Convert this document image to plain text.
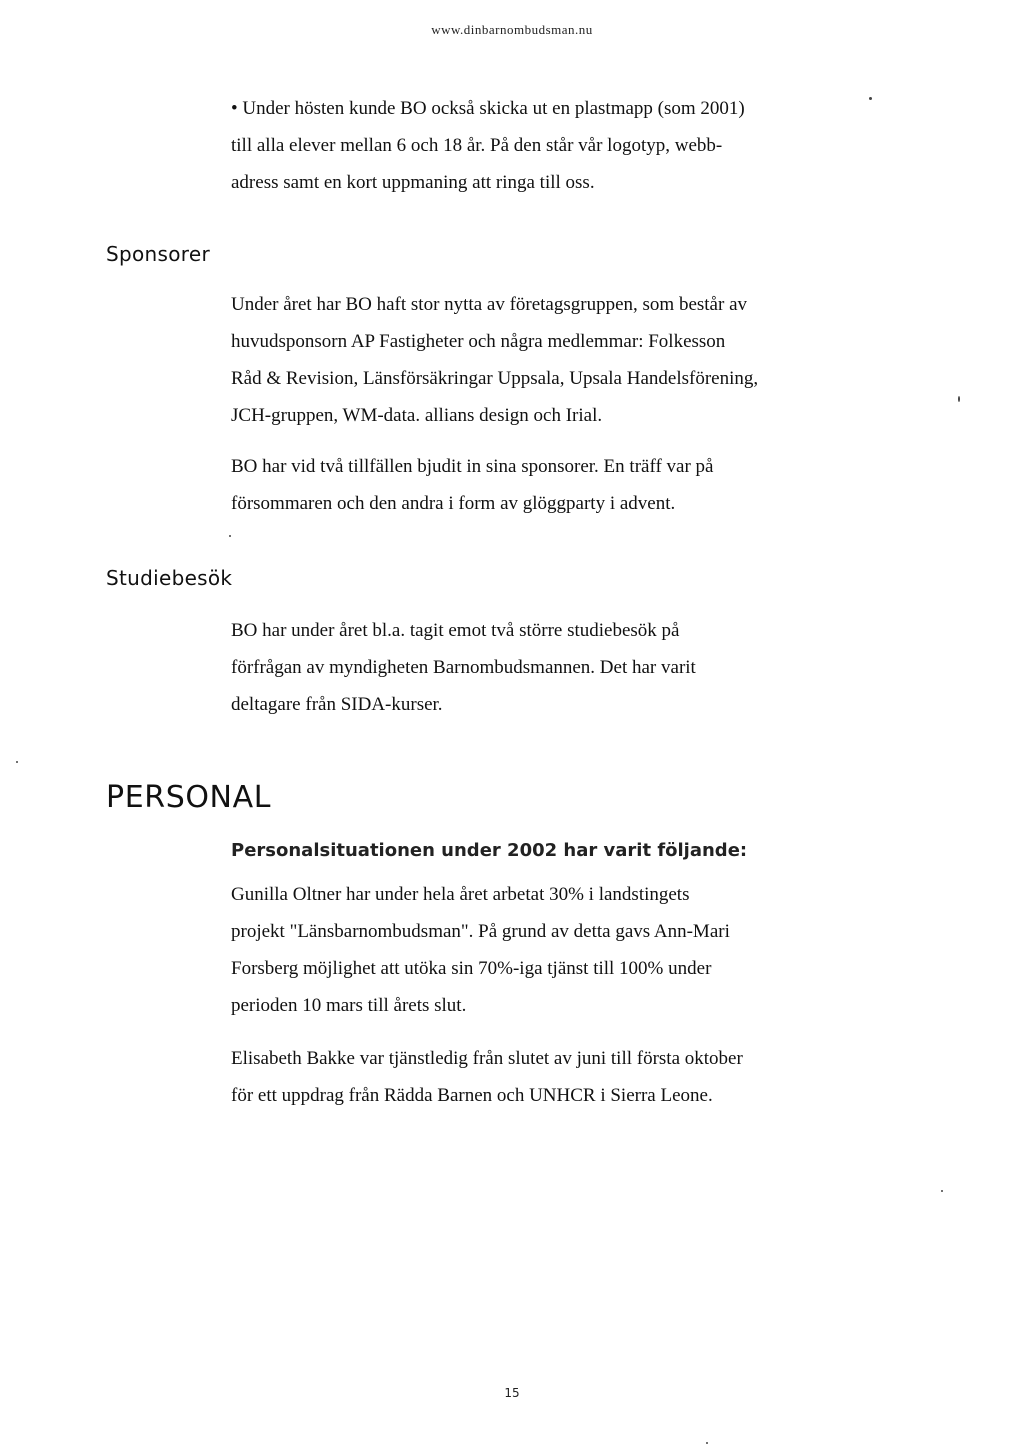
www.dinbarnombudsman.nu
• Under hösten kunde BO också skicka ut en plastmapp (som 2001)
till alla elever mellan 6 och 18 år. På den står vår logotyp, webb-
adress samt en kort uppmaning att ringa till oss.
Sponsorer
Under året har BO haft stor nytta av företagsgruppen, som består av
huvudsponsorn AP Fastigheter och några medlemmar: Folkesson
Råd & Revision, Länsförsäkringar Uppsala, Upsala Handelsförening,
JCH-gruppen, WM-data. allians design och Irial.
BO har vid två tillfällen bjudit in sina sponsorer. En träff var på
försommaren och den andra i form av glöggparty i advent.
Studiebesök
BO har under året bl.a. tagit emot två större studiebesök på
förfrågan av myndigheten Barnombudsmannen. Det har varit
deltagare från SIDA-kurser.
PERSONAL
Personalsituationen under 2002 har varit följande:
Gunilla Oltner har under hela året arbetat 30% i landstingets
projekt "Länsbarnombudsman". På grund av detta gavs Ann-Mari
Forsberg möjlighet att utöka sin 70%-iga tjänst till 100% under
perioden 10 mars till årets slut.
Elisabeth Bakke var tjänstledig från slutet av juni till första oktober
för ett uppdrag från Rädda Barnen och UNHCR i Sierra Leone.
15
